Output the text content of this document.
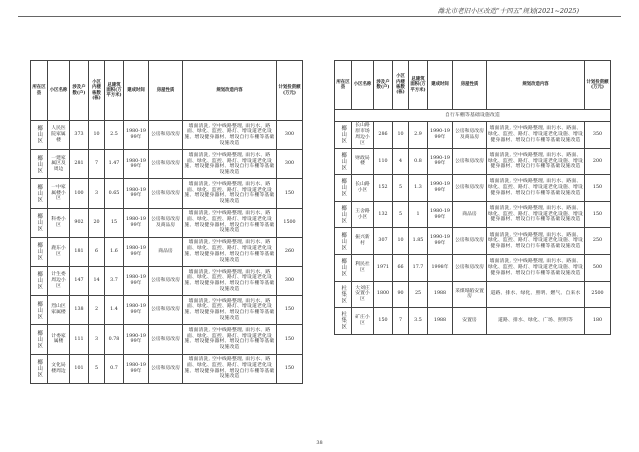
潍北市老旧小区改造“十四五”规划(2021~2025)
所在区县	小区名称	涉及户数(户)	小区内楼栋数(栋)	总建筑面积(万平方米)	建成时间	房屋性质	规划改造内容	计划投资额(万元)
椰山区	人民医院家属楼	373	10	2.5	1980-1999年	公房和房改房	墙面清洗, 空中线路整理, 雨污水、路面、绿化、监控、路灯、增设道老化设施、增设健身器材、增设自行车棚等基础设施改造	300
椰山区	一建家属区及周边	281	7	1.47	1980-1999年	公房和房改房	墙面清洗, 空中线路整理, 雨污水、路面、绿化、监控、路灯、增设道老化设施、增设健身器材、增设自行车棚等基础设施改造	300
椰山区	一中家属楼小区	100	3	0.65	1980-1999年	公房和房改房	墙面清洗, 空中线路整理, 雨污水、路面、绿化、监控、路灯、增设道老化设施、增设健身器材、增设自行车棚等基础设施改造	150
椰山区	科委小区	902	20	15	1980-1999年	公房和房改房及商品房	墙面清洗, 空中线路整理, 雨污水、路面、绿化、监控、路灯、增设道老化设施、增设健身器材、增设自行车棚等基础设施改造	1500
椰山区	鹿东小区	181	6	1.6	1980-1999年	商品房	墙面清洗, 空中线路整理, 雨污水、路面、绿化、监控、路灯、增设道老化设施、增设健身器材、增设自行车棚等基础设施改造	260
椰山区	计生委周边小区	147	14	3.7	1980-1999年	公房和房改房	墙面清洗, 空中线路整理, 雨污水、路面、绿化、监控、路灯、增设道老化设施、增设健身器材、增设自行车棚等基础设施改造	300
椰山区	烈山区家属楼	138	2	1.4	1980-1999年	公房和房改房	墙面清洗, 空中线路整理, 雨污水、路面、绿化、监控、路灯、增设道老化设施、增设健身器材、增设自行车棚等基础设施改造	150
椰山区	计委家属楼	111	3	0.78	1990-1999年	公房和房改房	墙面清洗, 空中线路整理, 雨污水、路面、绿化、监控、路灯、增设道老化设施、增设健身器材、增设自行车棚等基础设施改造	150
椰山区	文化局楼周边	101	5	0.7	1980-1999年	公房和房改房	墙面清洗, 空中线路整理, 雨污水、路面、绿化、监控、路灯、增设道老化设施、增设健身器材、增设自行车棚等基础设施改造	150
所在区县	小区名称	涉及户数(户)	小区内楼栋数(栋)	总建筑面积(万平方米)	建成时间	房屋性质	规划改造内容	计划投资额(万元)
自行车棚等基础设施改造								
椰山区	长山路原市场周边小区	286	10	2.9	1990-1999年	公房和房改房及商品房	墙面清洗, 空中线路整理, 雨污水、路面、绿化、监控、路灯、增设道老化设施、增设健身器材、增设自行车棚等基础设施改造	350
椰山区	财政局楼	110	4	0.8	1990-1999年	公房和房改房	墙面清洗, 空中线路整理, 雨污水、路面、绿化、监控、路灯、增设道老化设施、增设健身器材、增设自行车棚等基础设施改造	200
椰山区	长山路小区	152	5	1.3	1990-1999年	公房和房改房	墙面清洗, 空中线路整理, 雨污水、路面、绿化、监控、路灯、增设道老化设施、增设健身器材、增设自行车棚等基础设施改造	150
椰山区	王舍路小区	132	5	1	1980-1999年	商品房	墙面清洗, 空中线路整理, 雨污水、路面、绿化、监控、路灯、增设道老化设施、增设健身器材、增设自行车棚等基础设施改造	150
椰山区	振兴新村	307	10	1.85	1990-1999年	公房和房改房	墙面清洗, 空中线路整理, 雨污水、路面、绿化、监控、路灯、增设道老化设施、增设健身器材、增设自行车棚等基础设施改造	250
椰山区	利民社区	1971	66	17.7	1998年	公房和房改房	墙面清洗, 空中线路整理, 雨污水、路面、绿化、监控、路灯、增设道老化设施、增设健身器材、增设自行车棚等基础设施改造	500
杜集区	大刘庄安置小区	1800	90	25	1988	采煤塌陷安置房	道路、排水、绿化、照明、燃气、自来水	2500
杜集区	矿庄小区	150	7	3.5	1988	安置房	道路、排水、绿化、广场、照明等	180
38
